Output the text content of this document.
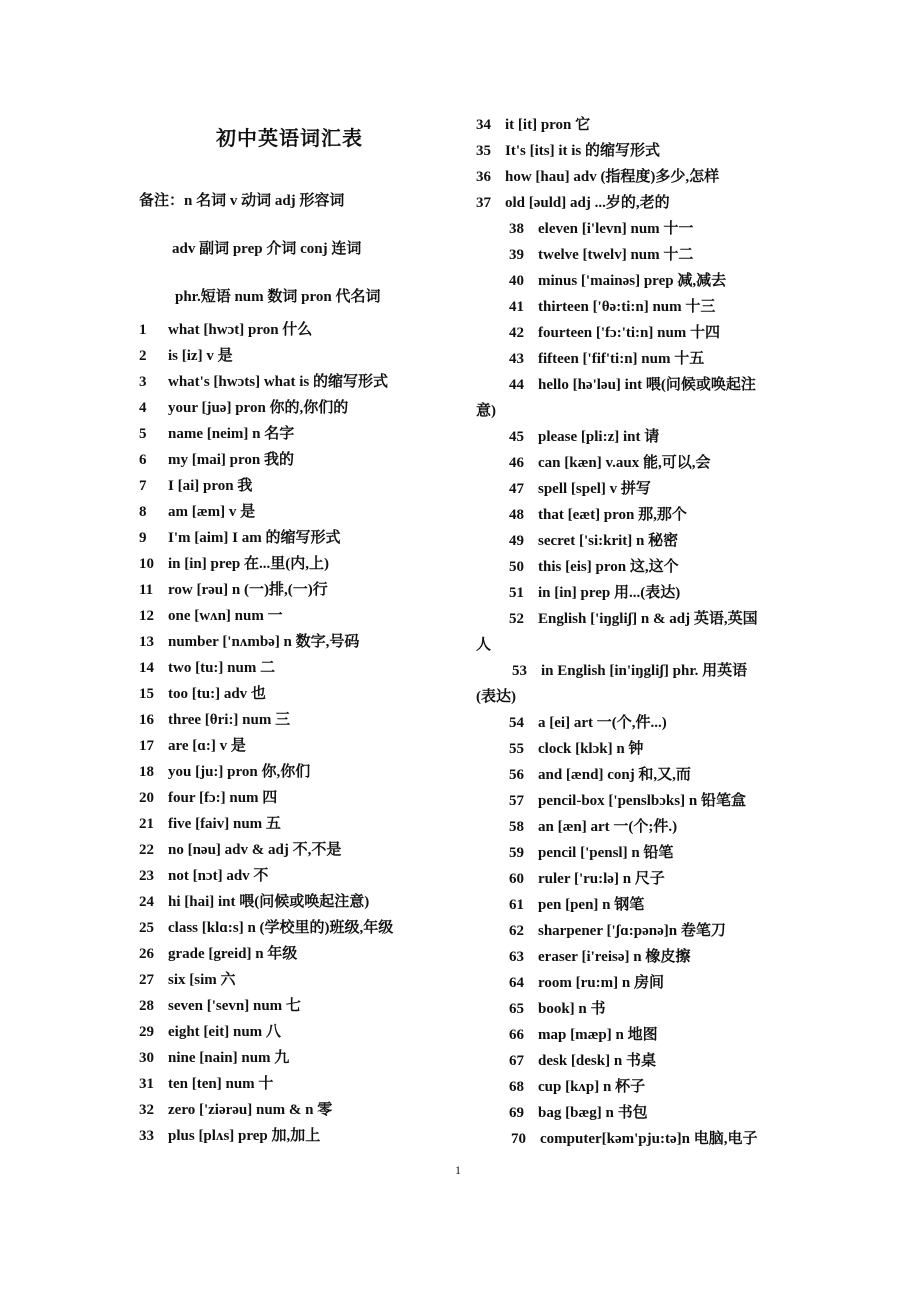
初中英语词汇表
备注：n 名词 v 动词 adj 形容词
adv 副词 prep 介词 conj 连词
phr.短语 num 数词 pron 代名词
1 what [hwɔt] pron 什么
2 is [iz] v 是
3 what's [hwɔts] what is 的缩写形式
4 your [juə] pron 你的,你们的
5 name [neim] n 名字
6 my [mai] pron 我的
7 I [ai] pron 我
8 am [æm] v 是
9 I'm [aim] I am 的缩写形式
10 in [in] prep 在...里(内,上)
11 row [rəu] n (一)排,(一)行
12 one [wʌn] num 一
13 number ['nʌmbə] n 数字,号码
14 two [tu:] num 二
15 too [tu:] adv 也
16 three [θri:] num 三
17 are [ɑ:] v 是
18 you [ju:] pron 你,你们
20 four [fɔ:] num 四
21 five [faiv] num 五
22 no [nəu] adv & adj 不,不是
23 not [nɔt] adv 不
24 hi [hai] int 喂(问候或唤起注意)
25 class [klɑ:s] n (学校里的)班级,年级
26 grade [greid] n 年级
27 six [sim 六
28 seven ['sevn] num 七
29 eight [eit] num 八
30 nine [nain] num 九
31 ten [ten] num 十
32 zero ['ziərəu] num & n 零
33 plus [plʌs] prep 加,加上
34 it [it] pron 它
35 It's [its] it is 的缩写形式
36 how [hau] adv (指程度)多少,怎样
37 old [əuld] adj ...岁的,老的
38 eleven [i'levn] num 十一
39 twelve [twelv] num 十二
40 minus ['mainəs] prep 减,减去
41 thirteen ['θə:ti:n] num 十三
42 fourteen ['fɔ:'ti:n] num 十四
43 fifteen ['fif'ti:n] num 十五
44 hello [hə'ləu] int 喂(问候或唤起注
意)
45 please [pli:z] int 请
46 can [kæn] v.aux 能,可以,会
47 spell [spel] v 拼写
48 that [eæt] pron 那,那个
49 secret ['si:krit] n 秘密
50 this [eis] pron 这,这个
51 in [in] prep 用...(表达)
52 English ['iŋgliʃ] n & adj 英语,英国
人
53 in English [in'iŋgliʃ] phr. 用英语
(表达)
54 a [ei] art 一(个,件...)
55 clock [klɔk] n 钟
56 and [ænd] conj 和,又,而
57 pencil-box ['penslbɔks] n 铅笔盒
58 an [æn] art 一(个;件.)
59 pencil ['pensl] n 铅笔
60 ruler ['ru:lə] n 尺子
61 pen [pen] n 钢笔
62 sharpener ['ʃɑ:pənə]n 卷笔刀
63 eraser [i'reisə] n 橡皮擦
64 room [ru:m] n 房间
65 book] n 书
66 map [mæp] n 地图
67 desk [desk] n 书桌
68 cup [kʌp] n 杯子
69 bag [bæg] n 书包
70 computer[kəm'pju:tə]n 电脑,电子
1
